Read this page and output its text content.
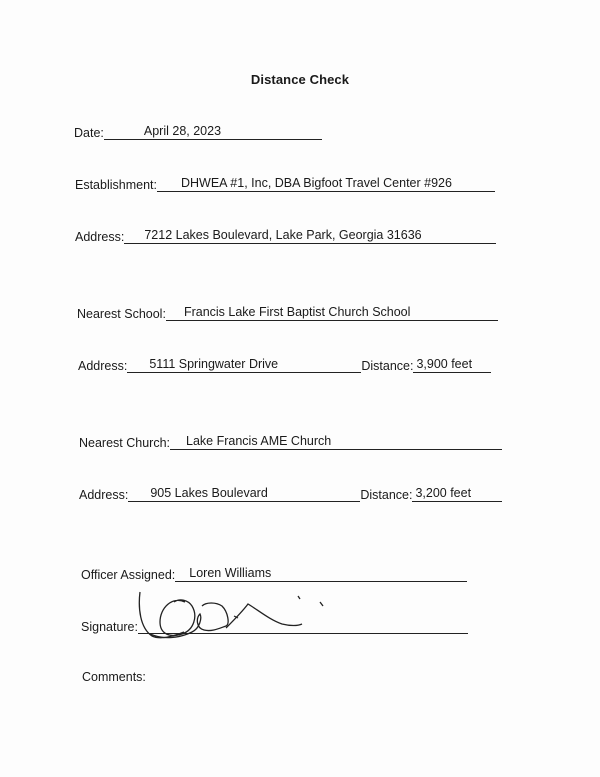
Distance Check
Date:	April 28, 2023
Establishment: DHWEA #1, Inc, DBA Bigfoot Travel Center #926
Address: 7212 Lakes Boulevard, Lake Park, Georgia 31636
Nearest School: Francis Lake First Baptist Church School
Address: 5111 Springwater Drive	Distance: 3,900 feet
Nearest Church: Lake Francis AME Church
Address: 905 Lakes Boulevard	Distance: 3,200 feet
Officer Assigned: Loren Williams
Signature:
Comments:
